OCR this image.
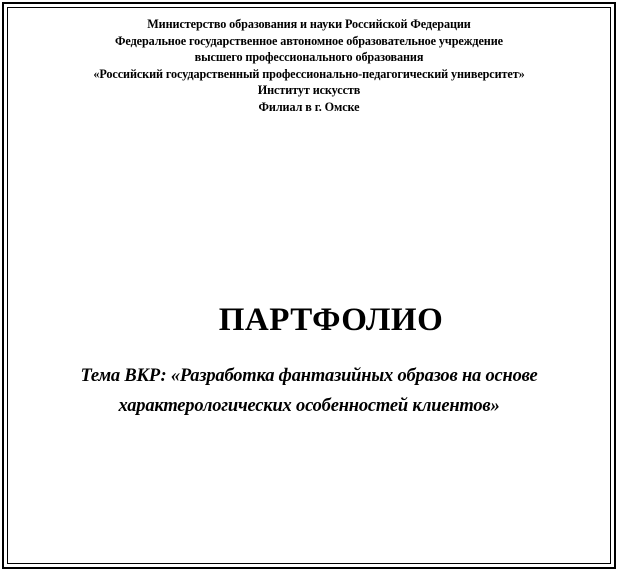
Министерство образования и науки Российской Федерации
Федеральное государственное автономное образовательное учреждение
высшего профессионального образования
«Российский государственный профессионально-педагогический университет»
Институт искусств
Филиал в г. Омске
ПАРТФОЛИО
Тема ВКР: «Разработка фантазийных образов на основе
характерологических особенностей клиентов»
